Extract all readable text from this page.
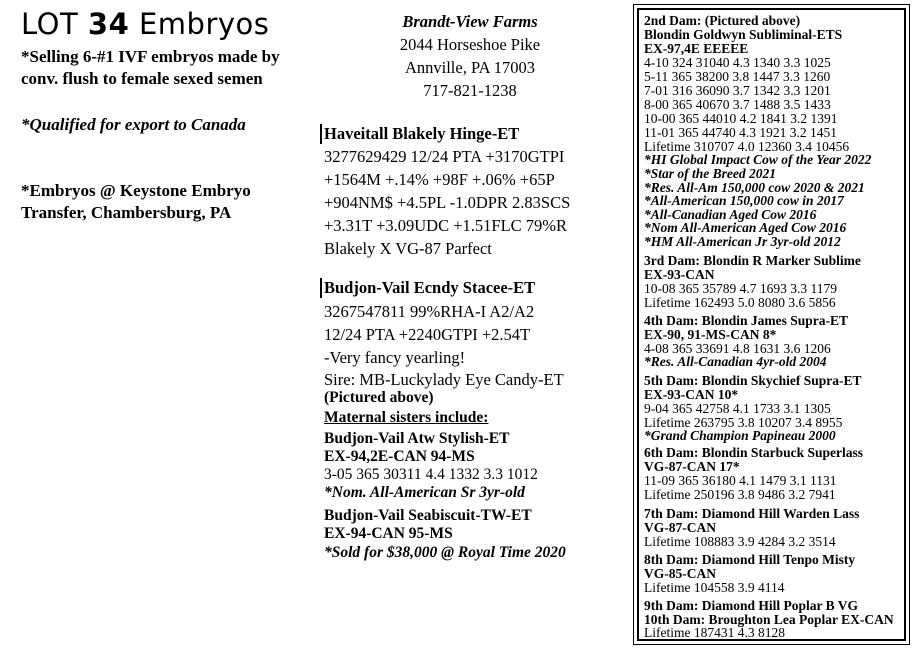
LOT 34 Embryos
*Selling 6-#1 IVF embryos made by
conv. flush to female sexed semen
*Qualified for export to Canada
*Embryos @ Keystone Embryo
Transfer, Chambersburg, PA
Brandt-View Farms
2044 Horseshoe Pike
Annville, PA 17003
717-821-1238
Haveitall Blakely Hinge-ET
3277629429 12/24 PTA +3170GTPI
+1564M +.14% +98F +.06% +65P
+904NM$ +4.5PL -1.0DPR 2.83SCS
+3.31T +3.09UDC +1.51FLC 79%R
Blakely X VG-87 Parfect
Budjon-Vail Ecndy Stacee-ET
3267547811 99%RHA-I A2/A2
12/24 PTA +2240GTPI +2.54T
-Very fancy yearling!
Sire: MB-Luckylady Eye Candy-ET
(Pictured above)
Maternal sisters include:
Budjon-Vail Atw Stylish-ET
EX-94,2E-CAN 94-MS
3-05 365 30311 4.4 1332 3.3 1012
*Nom. All-American Sr 3yr-old
Budjon-Vail Seabiscuit-TW-ET
EX-94-CAN 95-MS
*Sold for $38,000 @ Royal Time 2020
2nd Dam: (Pictured above)
Blondin Goldwyn Subliminal-ETS
EX-97,4E EEEEE
4-10 324 31040 4.3 1340 3.3 1025
5-11 365 38200 3.8 1447 3.3 1260
7-01 316 36090 3.7 1342 3.3 1201
8-00 365 40670 3.7 1488 3.5 1433
10-00 365 44010 4.2 1841 3.2 1391
11-01 365 44740 4.3 1921 3.2 1451
Lifetime 310707 4.0 12360 3.4 10456
*HI Global Impact Cow of the Year 2022
*Star of the Breed 2021
*Res. All-Am 150,000 cow 2020 & 2021
*All-American 150,000 cow in 2017
*All-Canadian Aged Cow 2016
*Nom All-American Aged Cow 2016
*HM All-American Jr 3yr-old 2012
3rd Dam: Blondin R Marker Sublime
EX-93-CAN
10-08 365 35789 4.7 1693 3.3 1179
Lifetime 162493 5.0 8080 3.6 5856
4th Dam: Blondin James Supra-ET
EX-90, 91-MS-CAN 8*
4-08 365 33691 4.8 1631 3.6 1206
*Res. All-Canadian 4yr-old 2004
5th Dam: Blondin Skychief Supra-ET
EX-93-CAN 10*
9-04 365 42758 4.1 1733 3.1 1305
Lifetime 263795 3.8 10207 3.4 8955
*Grand Champion Papineau 2000
6th Dam: Blondin Starbuck Superlass
VG-87-CAN 17*
11-09 365 36180 4.1 1479 3.1 1131
Lifetime 250196 3.8 9486 3.2 7941
7th Dam: Diamond Hill Warden Lass
VG-87-CAN
Lifetime 108883 3.9 4284 3.2 3514
8th Dam: Diamond Hill Tenpo Misty
VG-85-CAN
Lifetime 104558 3.9 4114
9th Dam: Diamond Hill Poplar B VG
10th Dam: Broughton Lea Poplar EX-CAN
Lifetime 187431 4.3 8128
